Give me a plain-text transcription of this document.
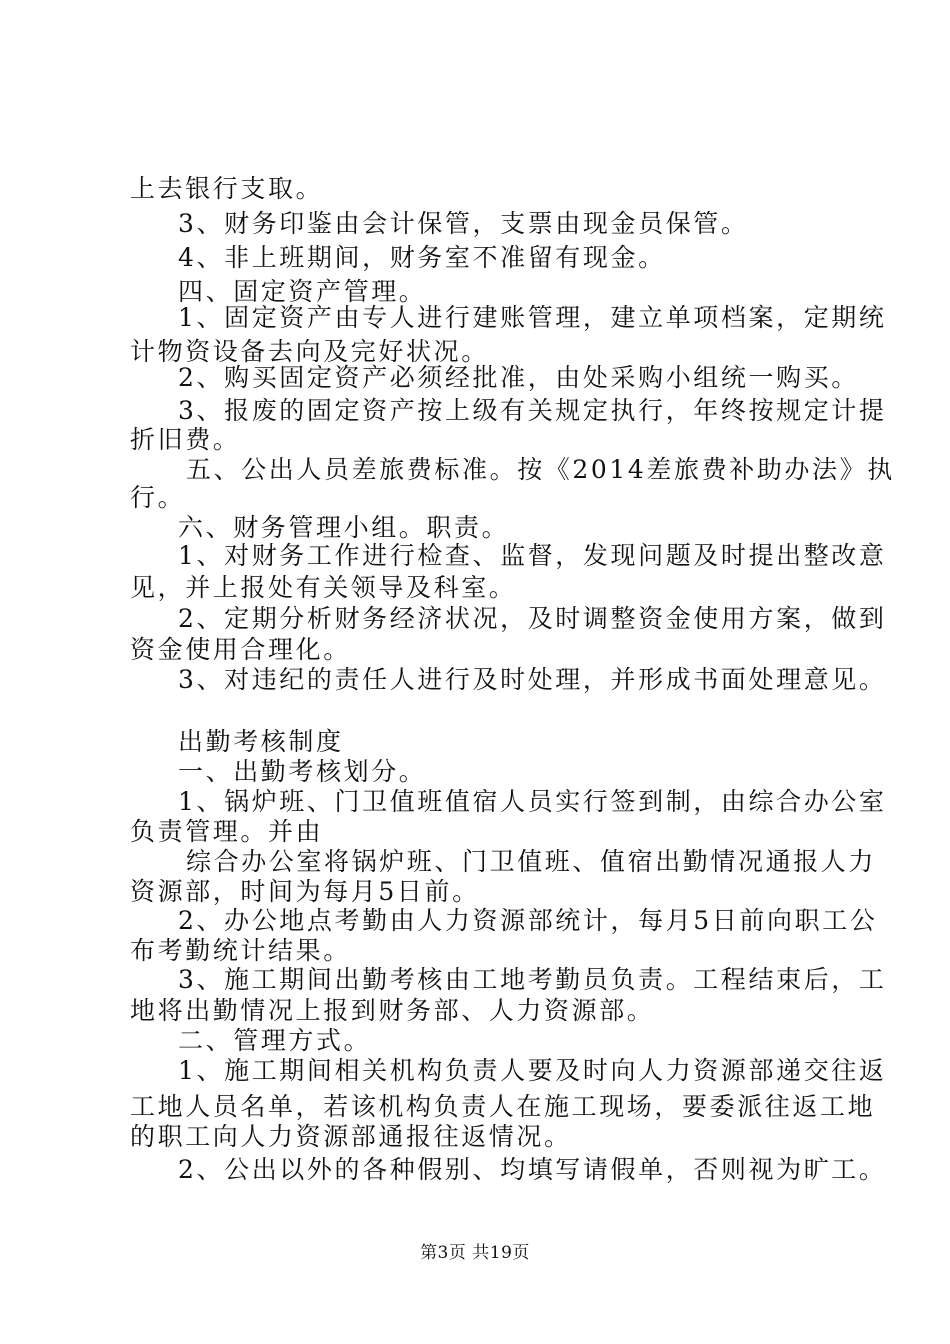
上去银行支取。
3、财务印鉴由会计保管，支票由现金员保管。
4、非上班期间，财务室不准留有现金。
四、固定资产管理。
1、固定资产由专人进行建账管理，建立单项档案，定期统
计物资设备去向及完好状况。
2、购买固定资产必须经批准，由处采购小组统一购买。
3、报废的固定资产按上级有关规定执行，年终按规定计提
折旧费。
五、公出人员差旅费标准。按《2014差旅费补助办法》执
行。
六、财务管理小组。职责。
1、对财务工作进行检查、监督，发现问题及时提出整改意
见，并上报处有关领导及科室。
2、定期分析财务经济状况，及时调整资金使用方案，做到
资金使用合理化。
3、对违纪的责任人进行及时处理，并形成书面处理意见。
出勤考核制度
一、出勤考核划分。
1、锅炉班、门卫值班值宿人员实行签到制，由综合办公室
负责管理。并由
综合办公室将锅炉班、门卫值班、值宿出勤情况通报人力
资源部，时间为每月5日前。
2、办公地点考勤由人力资源部统计，每月5日前向职工公
布考勤统计结果。
3、施工期间出勤考核由工地考勤员负责。工程结束后，工
地将出勤情况上报到财务部、人力资源部。
二、管理方式。
1、施工期间相关机构负责人要及时向人力资源部递交往返
工地人员名单，若该机构负责人在施工现场，要委派往返工地
的职工向人力资源部通报往返情况。
2、公出以外的各种假别、均填写请假单，否则视为旷工。
第3页 共19页
